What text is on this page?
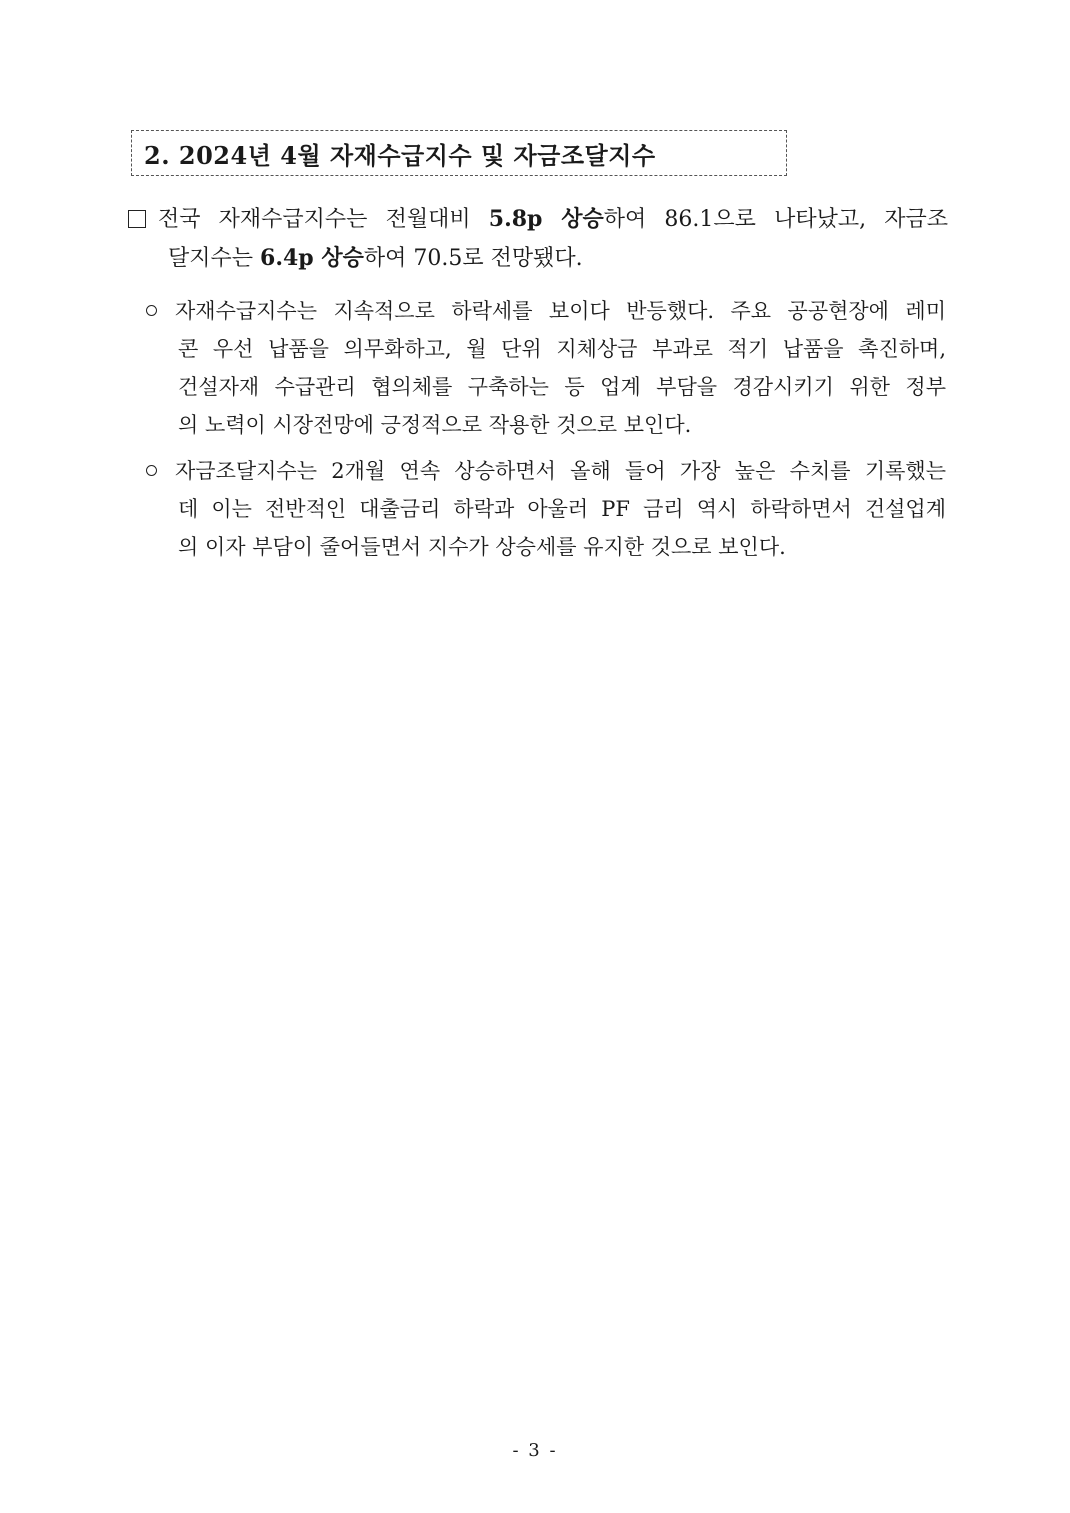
2. 2024년 4월 자재수급지수 및 자금조달지수
전국 자재수급지수는 전월대비 5.8p 상승하여 86.1으로 나타났고, 자금조
달지수는 6.4p 상승하여 70.5로 전망됐다.
자재수급지수는 지속적으로 하락세를 보이다 반등했다. 주요 공공현장에 레미
콘 우선 납품을 의무화하고, 월 단위 지체상금 부과로 적기 납품을 촉진하며,
건설자재 수급관리 협의체를 구축하는 등 업계 부담을 경감시키기 위한 정부
의 노력이 시장전망에 긍정적으로 작용한 것으로 보인다.
자금조달지수는 2개월 연속 상승하면서 올해 들어 가장 높은 수치를 기록했는
데 이는 전반적인 대출금리 하락과 아울러 PF 금리 역시 하락하면서 건설업계
의 이자 부담이 줄어들면서 지수가 상승세를 유지한 것으로 보인다.
- 3 -
